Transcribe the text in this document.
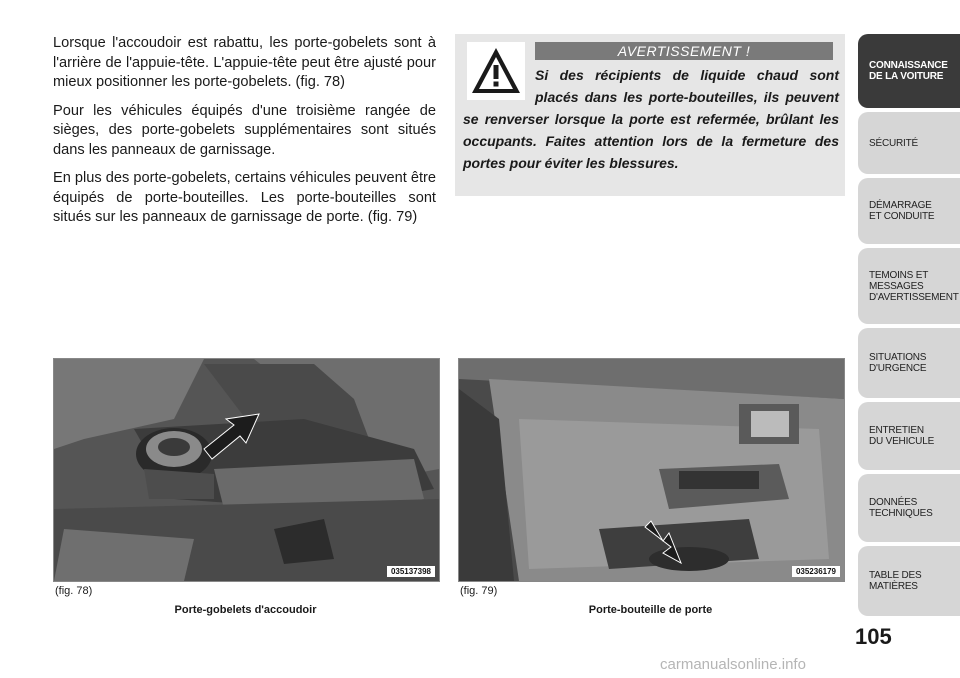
Lorsque l'accoudoir est rabattu, les porte-gobelets sont à l'arrière de l'appuie-tête. L'appuie-tête peut être ajusté pour mieux positionner les porte-gobelets. (fig. 78)

Pour les véhicules équipés d'une troisième rangée de sièges, des porte-gobelets supplémentaires sont situés dans les panneaux de garnissage.

En plus des porte-gobelets, certains véhicules peuvent être équipés de porte-bouteilles. Les porte-bouteilles sont situés sur les panneaux de garnissage de porte. (fig. 79)

AVERTISSEMENT !
Si des récipients de liquide chaud sont placés dans les porte-bouteilles, ils peuvent se renverser lorsque la porte est refermée, brûlant les occupants. Faites attention lors de la fermeture des portes pour éviter les blessures.
035137398	035236179
(fig. 78)
Porte-gobelets d'accoudoir
(fig. 79)
Porte-bouteille de porte
CONNAISSANCE
DE LA VOITURE
SÉCURITÉ
DÉMARRAGE
ET CONDUITE
TEMOINS ET
MESSAGES
D'AVERTISSEMENT
SITUATIONS
D'URGENCE
ENTRETIEN
DU VEHICULE
DONNÉES
TECHNIQUES
TABLE DES
MATIÈRES
105
carmanualsonline.info
